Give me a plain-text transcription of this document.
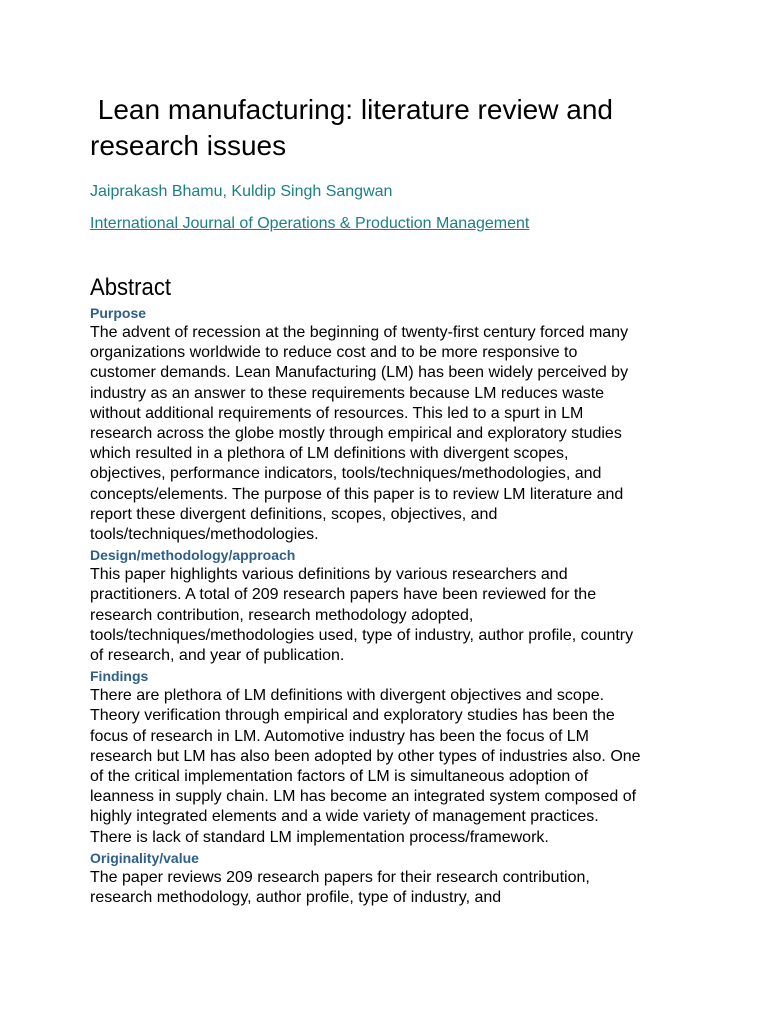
Lean manufacturing: literature review and research issues
Jaiprakash Bhamu, Kuldip Singh Sangwan
International Journal of Operations & Production Management
Abstract
Purpose

The advent of recession at the beginning of twenty-first century forced many
organizations worldwide to reduce cost and to be more responsive to
customer demands. Lean Manufacturing (LM) has been widely perceived by
industry as an answer to these requirements because LM reduces waste
without additional requirements of resources. This led to a spurt in LM
research across the globe mostly through empirical and exploratory studies
which resulted in a plethora of LM definitions with divergent scopes,
objectives, performance indicators, tools/techniques/methodologies, and
concepts/elements. The purpose of this paper is to review LM literature and
report these divergent definitions, scopes, objectives, and
tools/techniques/methodologies.

Design/methodology/approach

This paper highlights various definitions by various researchers and
practitioners. A total of 209 research papers have been reviewed for the
research contribution, research methodology adopted,
tools/techniques/methodologies used, type of industry, author profile, country
of research, and year of publication.

Findings

There are plethora of LM definitions with divergent objectives and scope.
Theory verification through empirical and exploratory studies has been the
focus of research in LM. Automotive industry has been the focus of LM
research but LM has also been adopted by other types of industries also. One
of the critical implementation factors of LM is simultaneous adoption of
leanness in supply chain. LM has become an integrated system composed of
highly integrated elements and a wide variety of management practices.
There is lack of standard LM implementation process/framework.

Originality/value

The paper reviews 209 research papers for their research contribution,
research methodology, author profile, type of industry, and
